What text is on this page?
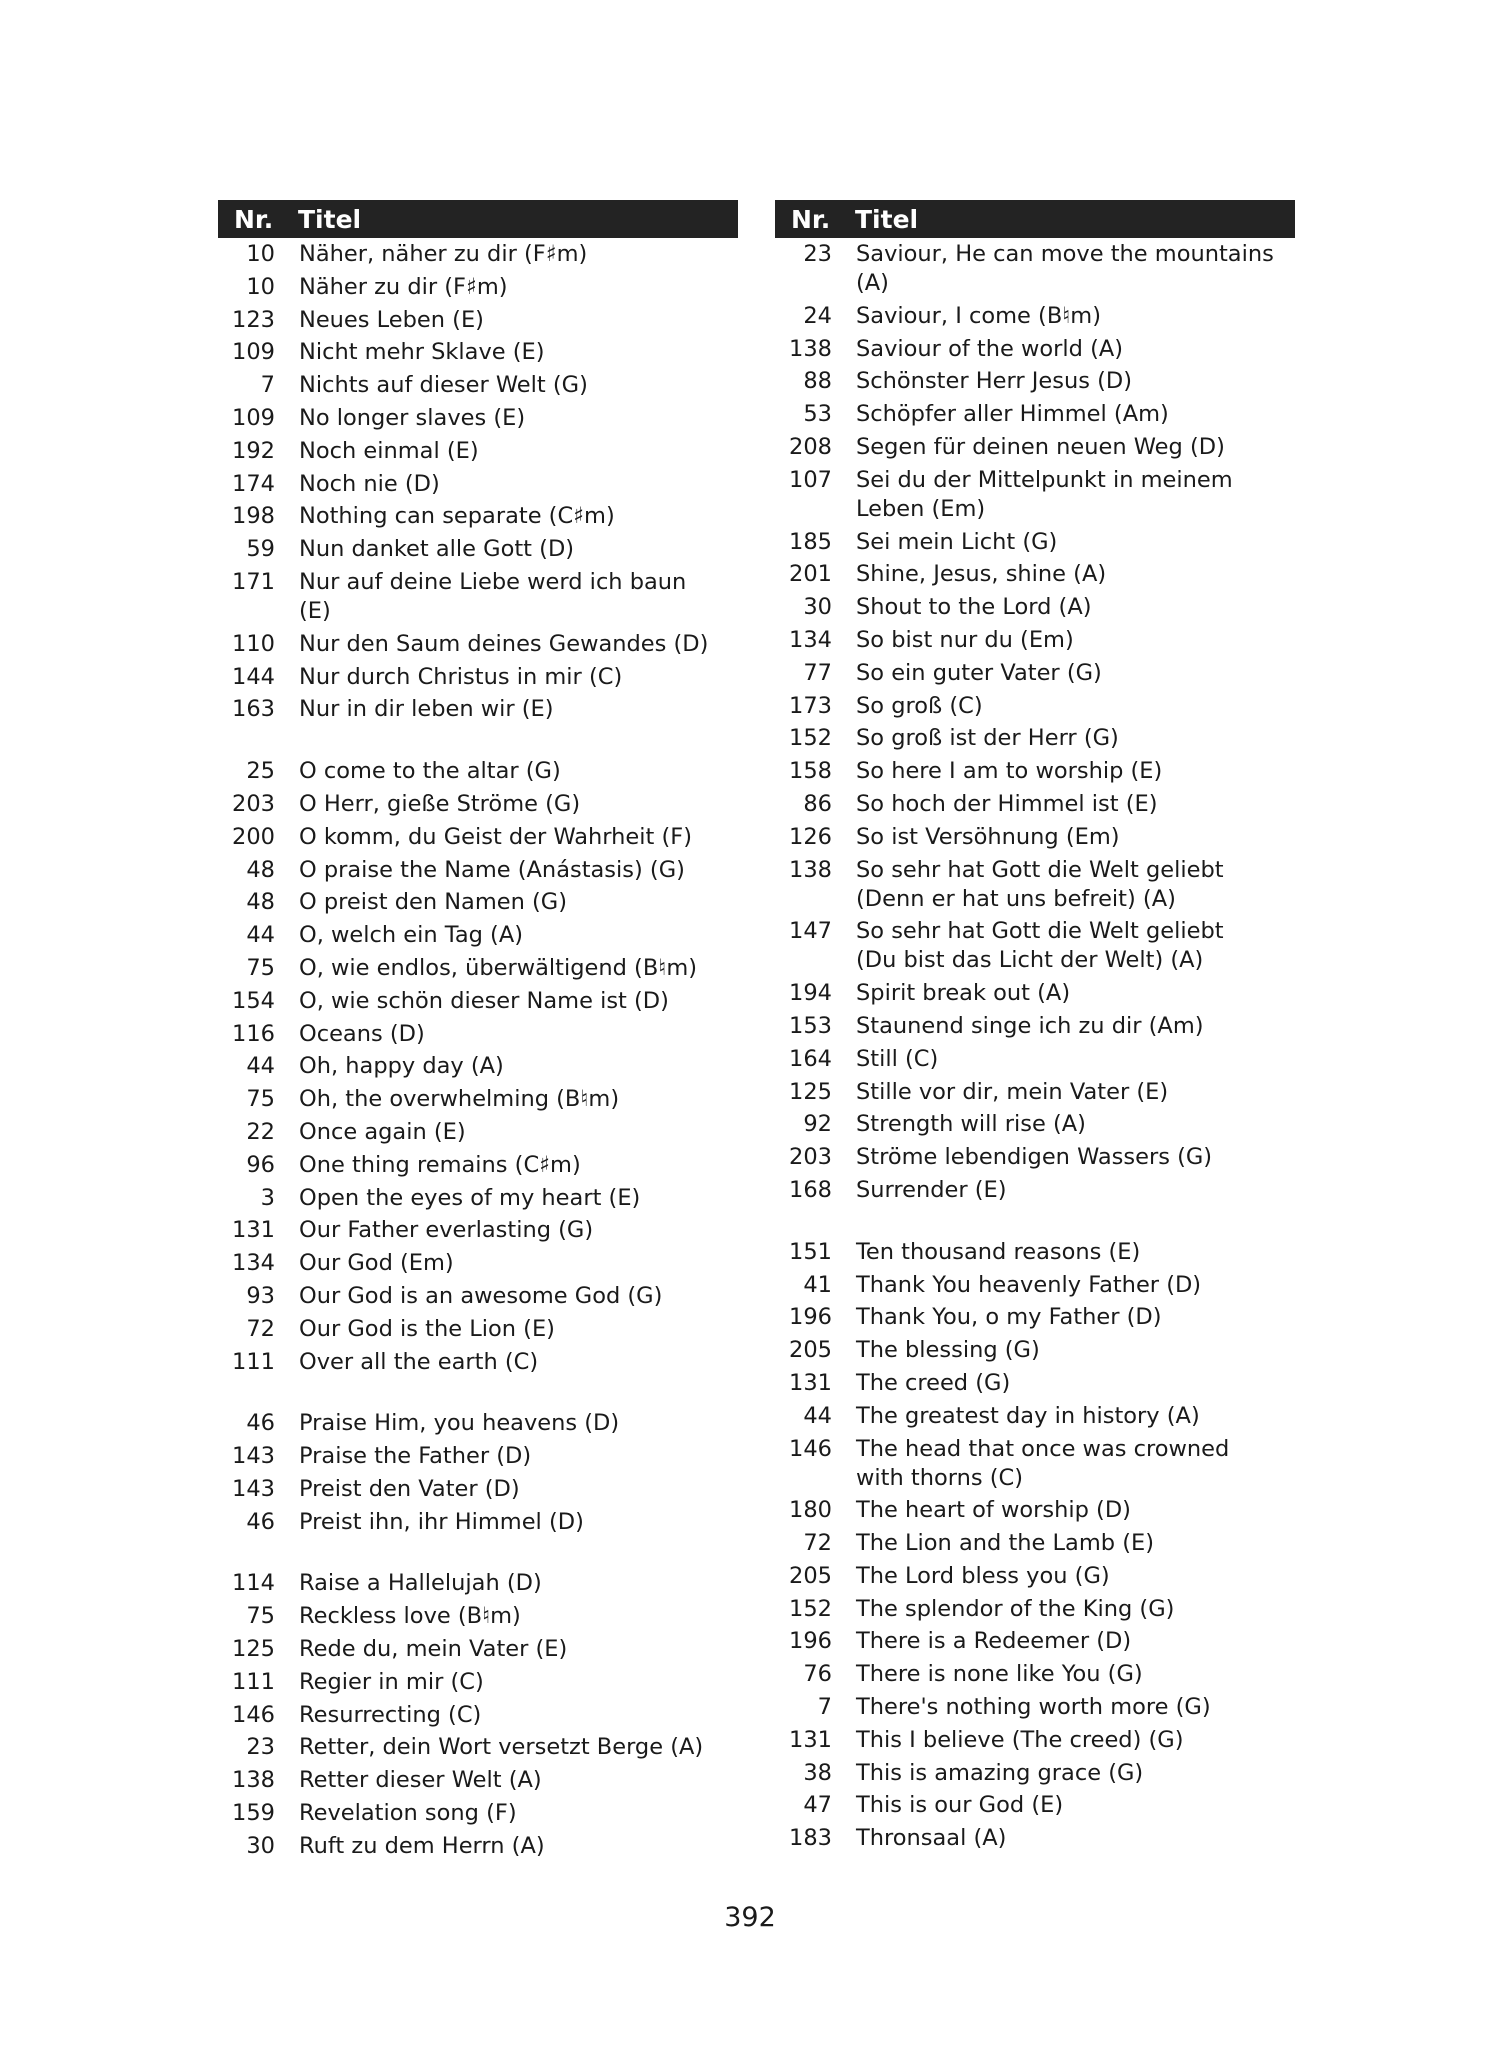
Nr. Titel
10	Näher, näher zu dir (F♯m)
10	Näher zu dir (F♯m)
123	Neues Leben (E)
109	Nicht mehr Sklave (E)
7	Nichts auf dieser Welt (G)
109	No longer slaves (E)
192	Noch einmal (E)
174	Noch nie (D)
198	Nothing can separate (C♯m)
59	Nun danket alle Gott (D)
171	Nur auf deine Liebe werd ich baun
(E)
110	Nur den Saum deines Gewandes (D)
144	Nur durch Christus in mir (C)
163	Nur in dir leben wir (E)
25	O come to the altar (G)
203	O Herr, gieße Ströme (G)
200	O komm, du Geist der Wahrheit (F)
48	O praise the Name (Anástasis) (G)
48	O preist den Namen (G)
44	O, welch ein Tag (A)
75	O, wie endlos, überwältigend (B♮m)
154	O, wie schön dieser Name ist (D)
116	Oceans (D)
44	Oh, happy day (A)
75	Oh, the overwhelming (B♮m)
22	Once again (E)
96	One thing remains (C♯m)
3	Open the eyes of my heart (E)
131	Our Father everlasting (G)
134	Our God (Em)
93	Our God is an awesome God (G)
72	Our God is the Lion (E)
111	Over all the earth (C)
46	Praise Him, you heavens (D)
143	Praise the Father (D)
143	Preist den Vater (D)
46	Preist ihn, ihr Himmel (D)
114	Raise a Hallelujah (D)
75	Reckless love (B♮m)
125	Rede du, mein Vater (E)
111	Regier in mir (C)
146	Resurrecting (C)
23	Retter, dein Wort versetzt Berge (A)
138	Retter dieser Welt (A)
159	Revelation song (F)
30	Ruft zu dem Herrn (A)
Nr. Titel
23	Saviour, He can move the mountains
(A)
24	Saviour, I come (B♮m)
138	Saviour of the world (A)
88	Schönster Herr Jesus (D)
53	Schöpfer aller Himmel (Am)
208	Segen für deinen neuen Weg (D)
107	Sei du der Mittelpunkt in meinem
Leben (Em)
185	Sei mein Licht (G)
201	Shine, Jesus, shine (A)
30	Shout to the Lord (A)
134	So bist nur du (Em)
77	So ein guter Vater (G)
173	So groß (C)
152	So groß ist der Herr (G)
158	So here I am to worship (E)
86	So hoch der Himmel ist (E)
126	So ist Versöhnung (Em)
138	So sehr hat Gott die Welt geliebt
(Denn er hat uns befreit) (A)
147	So sehr hat Gott die Welt geliebt
(Du bist das Licht der Welt) (A)
194	Spirit break out (A)
153	Staunend singe ich zu dir (Am)
164	Still (C)
125	Stille vor dir, mein Vater (E)
92	Strength will rise (A)
203	Ströme lebendigen Wassers (G)
168	Surrender (E)
151	Ten thousand reasons (E)
41	Thank You heavenly Father (D)
196	Thank You, o my Father (D)
205	The blessing (G)
131	The creed (G)
44	The greatest day in history (A)
146	The head that once was crowned
with thorns (C)
180	The heart of worship (D)
72	The Lion and the Lamb (E)
205	The Lord bless you (G)
152	The splendor of the King (G)
196	There is a Redeemer (D)
76	There is none like You (G)
7	There's nothing worth more (G)
131	This I believe (The creed) (G)
38	This is amazing grace (G)
47	This is our God (E)
183	Thronsaal (A)
392
